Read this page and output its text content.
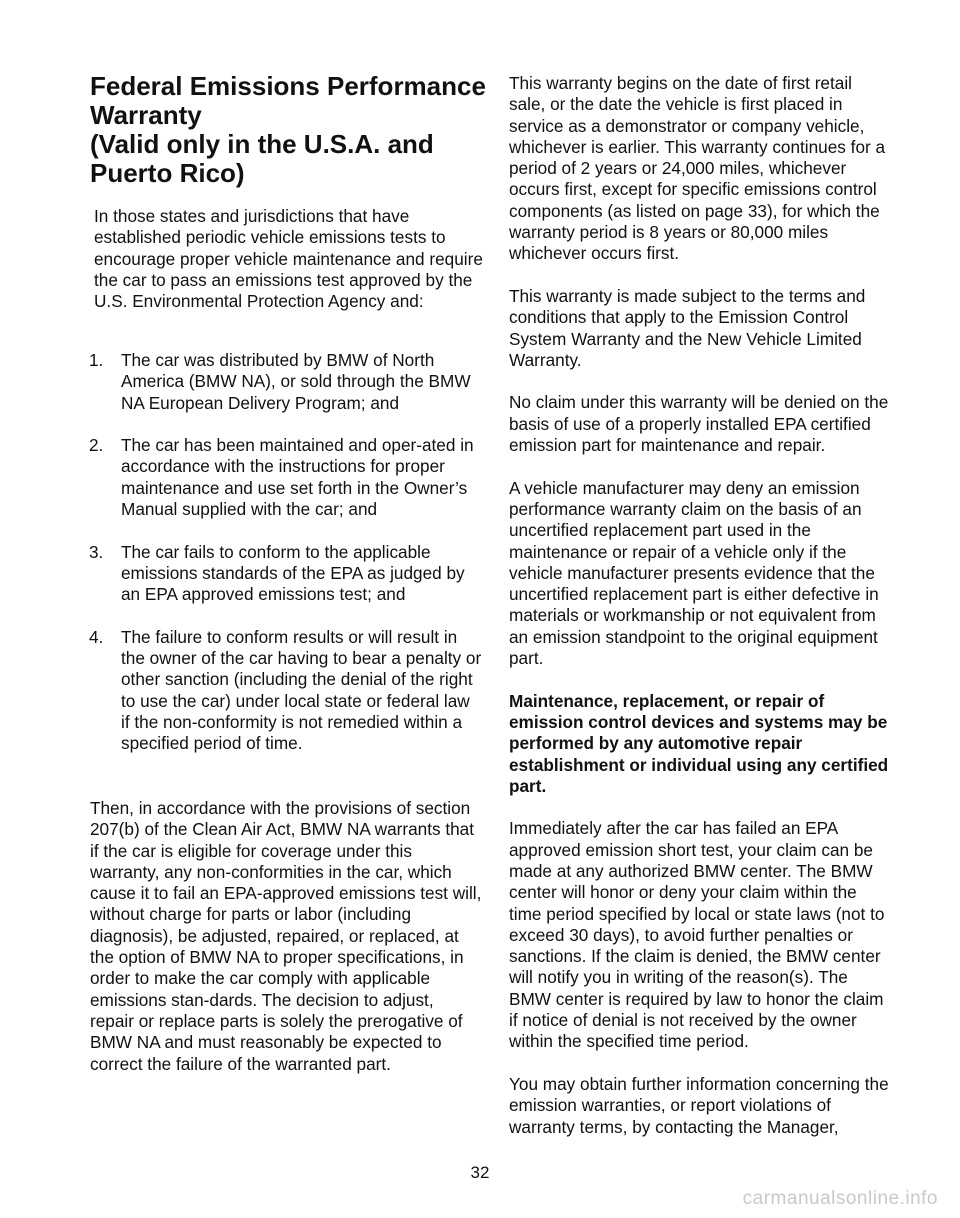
Federal Emissions Performance
Warranty
(Valid only in the U.S.A. and
Puerto Rico)

In those states and jurisdictions that have established periodic vehicle emissions tests to encourage proper vehicle maintenance and require the car to pass an emissions test approved by the U.S. Environmental Protection Agency and:

1. The car was distributed by BMW of North America (BMW NA), or sold through the BMW NA European Delivery Program; and
2. The car has been maintained and oper-ated in accordance with the instructions for proper maintenance and use set forth in the Owner’s Manual supplied with the car; and
3. The car fails to conform to the applicable emissions standards of the EPA as judged by an EPA approved emissions test; and
4. The failure to conform results or will result in the owner of the car having to bear a penalty or other sanction (including the denial of the right to use the car) under local state or federal law if the non-conformity is not remedied within a specified period of time.

Then, in accordance with the provisions of section 207(b) of the Clean Air Act, BMW NA warrants that if the car is eligible for coverage under this warranty, any non-conformities in the car, which cause it to fail an EPA-approved emissions test will, without charge for parts or labor (including diagnosis), be adjusted, repaired, or replaced, at the option of BMW NA to proper specifications, in order to make the car comply with applicable emissions stan-dards. The decision to adjust, repair or replace parts is solely the prerogative of BMW NA and must reasonably be expected to correct the failure of the warranted part.

This warranty begins on the date of first retail sale, or the date the vehicle is first placed in service as a demonstrator or company vehicle, whichever is earlier. This warranty continues for a period of 2 years or 24,000 miles, whichever occurs first, except for specific emissions control components (as listed on page 33), for which the warranty period is 8 years or 80,000 miles whichever occurs first.

This warranty is made subject to the terms and conditions that apply to the Emission Control System Warranty and the New Vehicle Limited Warranty.

No claim under this warranty will be denied on the basis of use of a properly installed EPA certified emission part for maintenance and repair.

A vehicle manufacturer may deny an emission performance warranty claim on the basis of an uncertified replacement part used in the maintenance or repair of a vehicle only if the vehicle manufacturer presents evidence that the uncertified replacement part is either defective in materials or workmanship or not equivalent from an emission standpoint to the original equipment part.

Maintenance, replacement, or repair of emission control devices and systems may be performed by any automotive repair establishment or individual using any certified part.

Immediately after the car has failed an EPA approved emission short test, your claim can be made at any authorized BMW center. The BMW center will honor or deny your claim within the time period specified by local or state laws (not to exceed 30 days), to avoid further penalties or sanctions. If the claim is denied, the BMW center will notify you in writing of the reason(s). The BMW center is required by law to honor the claim if notice of denial is not received by the owner within the specified time period.

You may obtain further information concerning the emission warranties, or report violations of warranty terms, by contacting the Manager,

32
carmanualsonline.info
